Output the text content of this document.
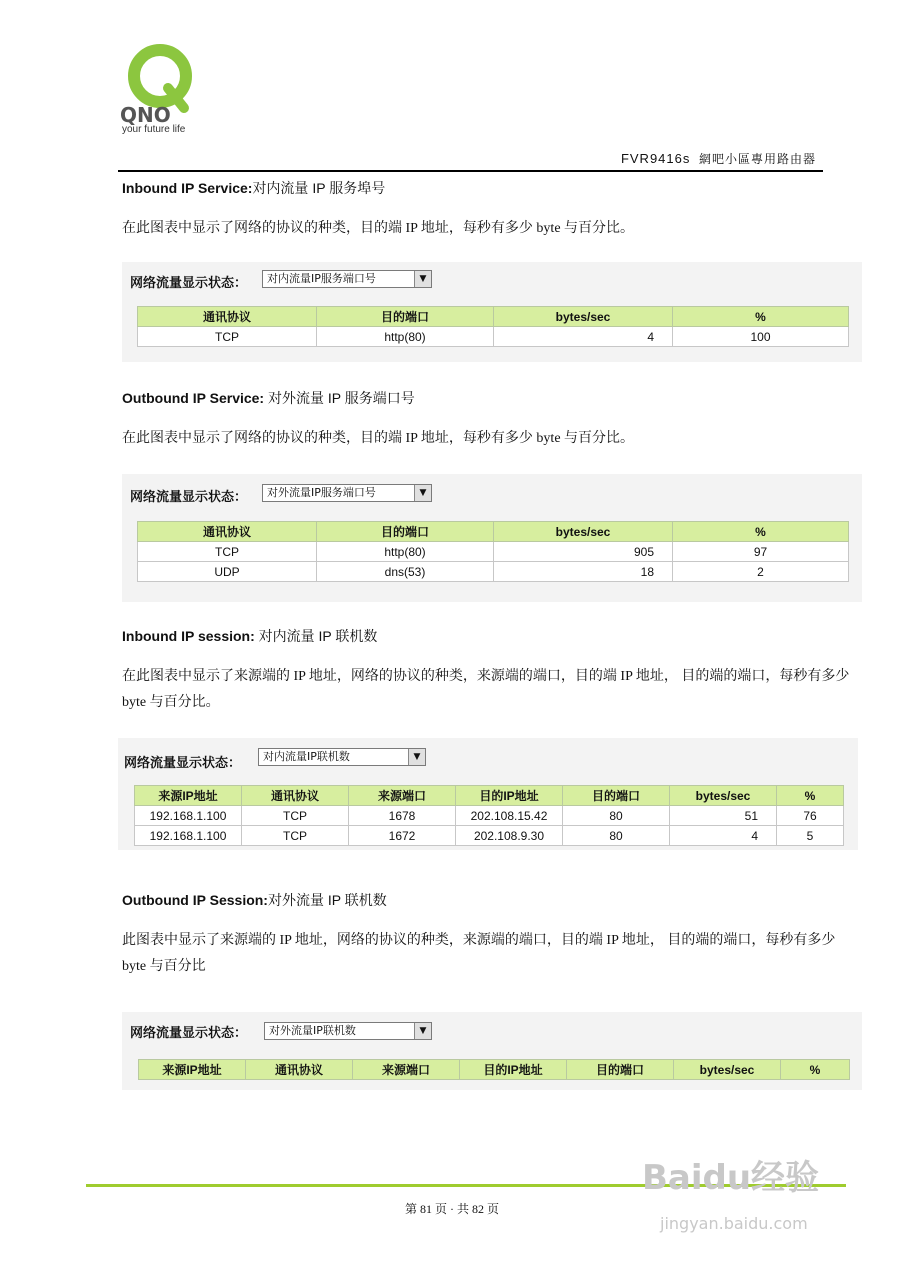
QNO
your future life
FVR9416s 網吧小區專用路由器
Inbound IP Service:对内流量 IP 服务埠号
在此图表中显示了网络的协议的种类，目的端 IP 地址，每秒有多少 byte 与百分比。
网络流量显示状态：	对内流量IP服务端口号	▼
通讯协议	目的端口	bytes/sec	%
TCP	http(80)	4	100
Outbound IP Service: 对外流量 IP 服务端口号
在此图表中显示了网络的协议的种类，目的端 IP 地址，每秒有多少 byte 与百分比。
网络流量显示状态：	对外流量IP服务端口号	▼
通讯协议	目的端口	bytes/sec	%
TCP	http(80)	905	97
UDP	dns(53)	18	2
Inbound IP session: 对内流量 IP 联机数
在此图表中显示了来源端的 IP 地址，网络的协议的种类，来源端的端口，目的端 IP 地址， 目的端的端口，每秒有多少 byte 与百分比。
网络流量显示状态：	对内流量IP联机数	▼
来源IP地址	通讯协议	来源端口	目的IP地址	目的端口	bytes/sec	%
192.168.1.100	TCP	1678	202.108.15.42	80	51	76
192.168.1.100	TCP	1672	202.108.9.30	80	4	5
Outbound IP Session:对外流量 IP 联机数
此图表中显示了来源端的 IP 地址，网络的协议的种类，来源端的端口，目的端 IP 地址， 目的端的端口，每秒有多少 byte 与百分比
网络流量显示状态：	对外流量IP联机数	▼
来源IP地址	通讯协议	来源端口	目的IP地址	目的端口	bytes/sec	%
第 81 页 · 共 82 页
Baidu经验
jingyan.baidu.com
